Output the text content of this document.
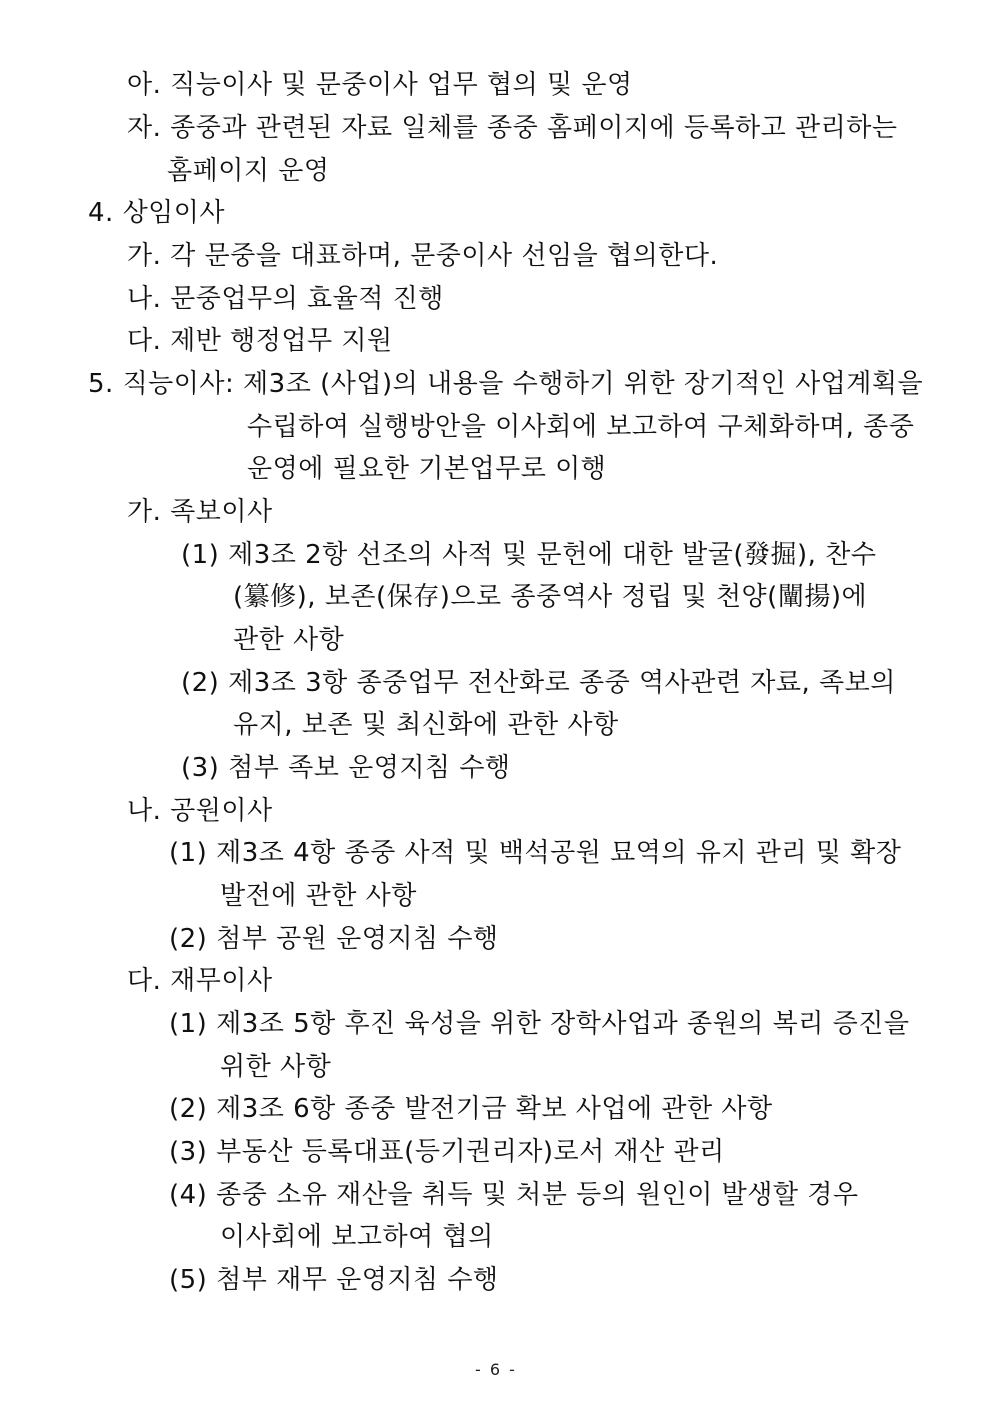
아. 직능이사 및 문중이사 업무 협의 및 운영
자. 종중과 관련된 자료 일체를 종중 홈페이지에 등록하고 관리하는
홈페이지 운영
4. 상임이사
가. 각 문중을 대표하며, 문중이사 선임을 협의한다.
나. 문중업무의 효율적 진행
다. 제반 행정업무 지원
5. 직능이사: 제3조 (사업)의 내용을 수행하기 위한 장기적인 사업계획을
수립하여 실행방안을 이사회에 보고하여 구체화하며, 종중
운영에 필요한 기본업무로 이행
가. 족보이사
(1) 제3조 2항 선조의 사적 및 문헌에 대한 발굴(發掘), 찬수
(纂修), 보존(保存)으로 종중역사 정립 및 천양(闡揚)에
관한 사항
(2) 제3조 3항 종중업무 전산화로 종중 역사관련 자료, 족보의
유지, 보존 및 최신화에 관한 사항
(3) 첨부 족보 운영지침 수행
나. 공원이사
(1) 제3조 4항 종중 사적 및 백석공원 묘역의 유지 관리 및 확장
발전에 관한 사항
(2) 첨부 공원 운영지침 수행
다. 재무이사
(1) 제3조 5항 후진 육성을 위한 장학사업과 종원의 복리 증진을
위한 사항
(2) 제3조 6항 종중 발전기금 확보 사업에 관한 사항
(3) 부동산 등록대표(등기권리자)로서 재산 관리
(4) 종중 소유 재산을 취득 및 처분 등의 원인이 발생할 경우
이사회에 보고하여 협의
(5) 첨부 재무 운영지침 수행
- 6 -
